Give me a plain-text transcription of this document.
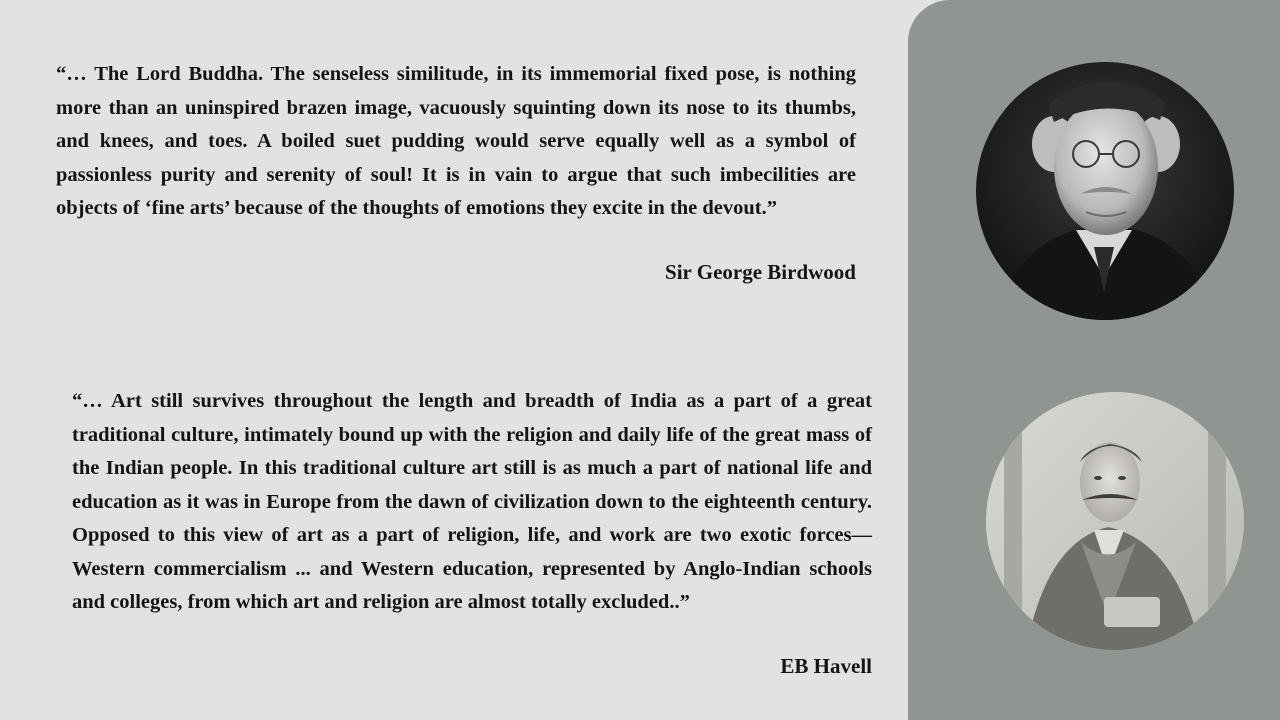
“… The Lord Buddha. The senseless similitude, in its immemorial fixed pose, is nothing more than an uninspired brazen image, vacuously squinting down its nose to its thumbs, and knees, and toes. A boiled suet pudding would serve equally well as a symbol of passionless purity and serenity of soul! It is in vain to argue that such imbecilities are objects of ‘fine arts’ because of the thoughts of emotions they excite in the devout.”

Sir George Birdwood

“… Art still survives throughout the length and breadth of India as a part of a great traditional culture, intimately bound up with the religion and daily life of the great mass of the Indian people. In this traditional culture art still is as much a part of national life and education as it was in Europe from the dawn of civilization down to the eighteenth century. Opposed to this view of art as a part of religion, life, and work are two exotic forces—Western commercialism ... and Western education, represented by Anglo-Indian schools and colleges, from which art and religion are almost totally excluded..”

EB Havell
